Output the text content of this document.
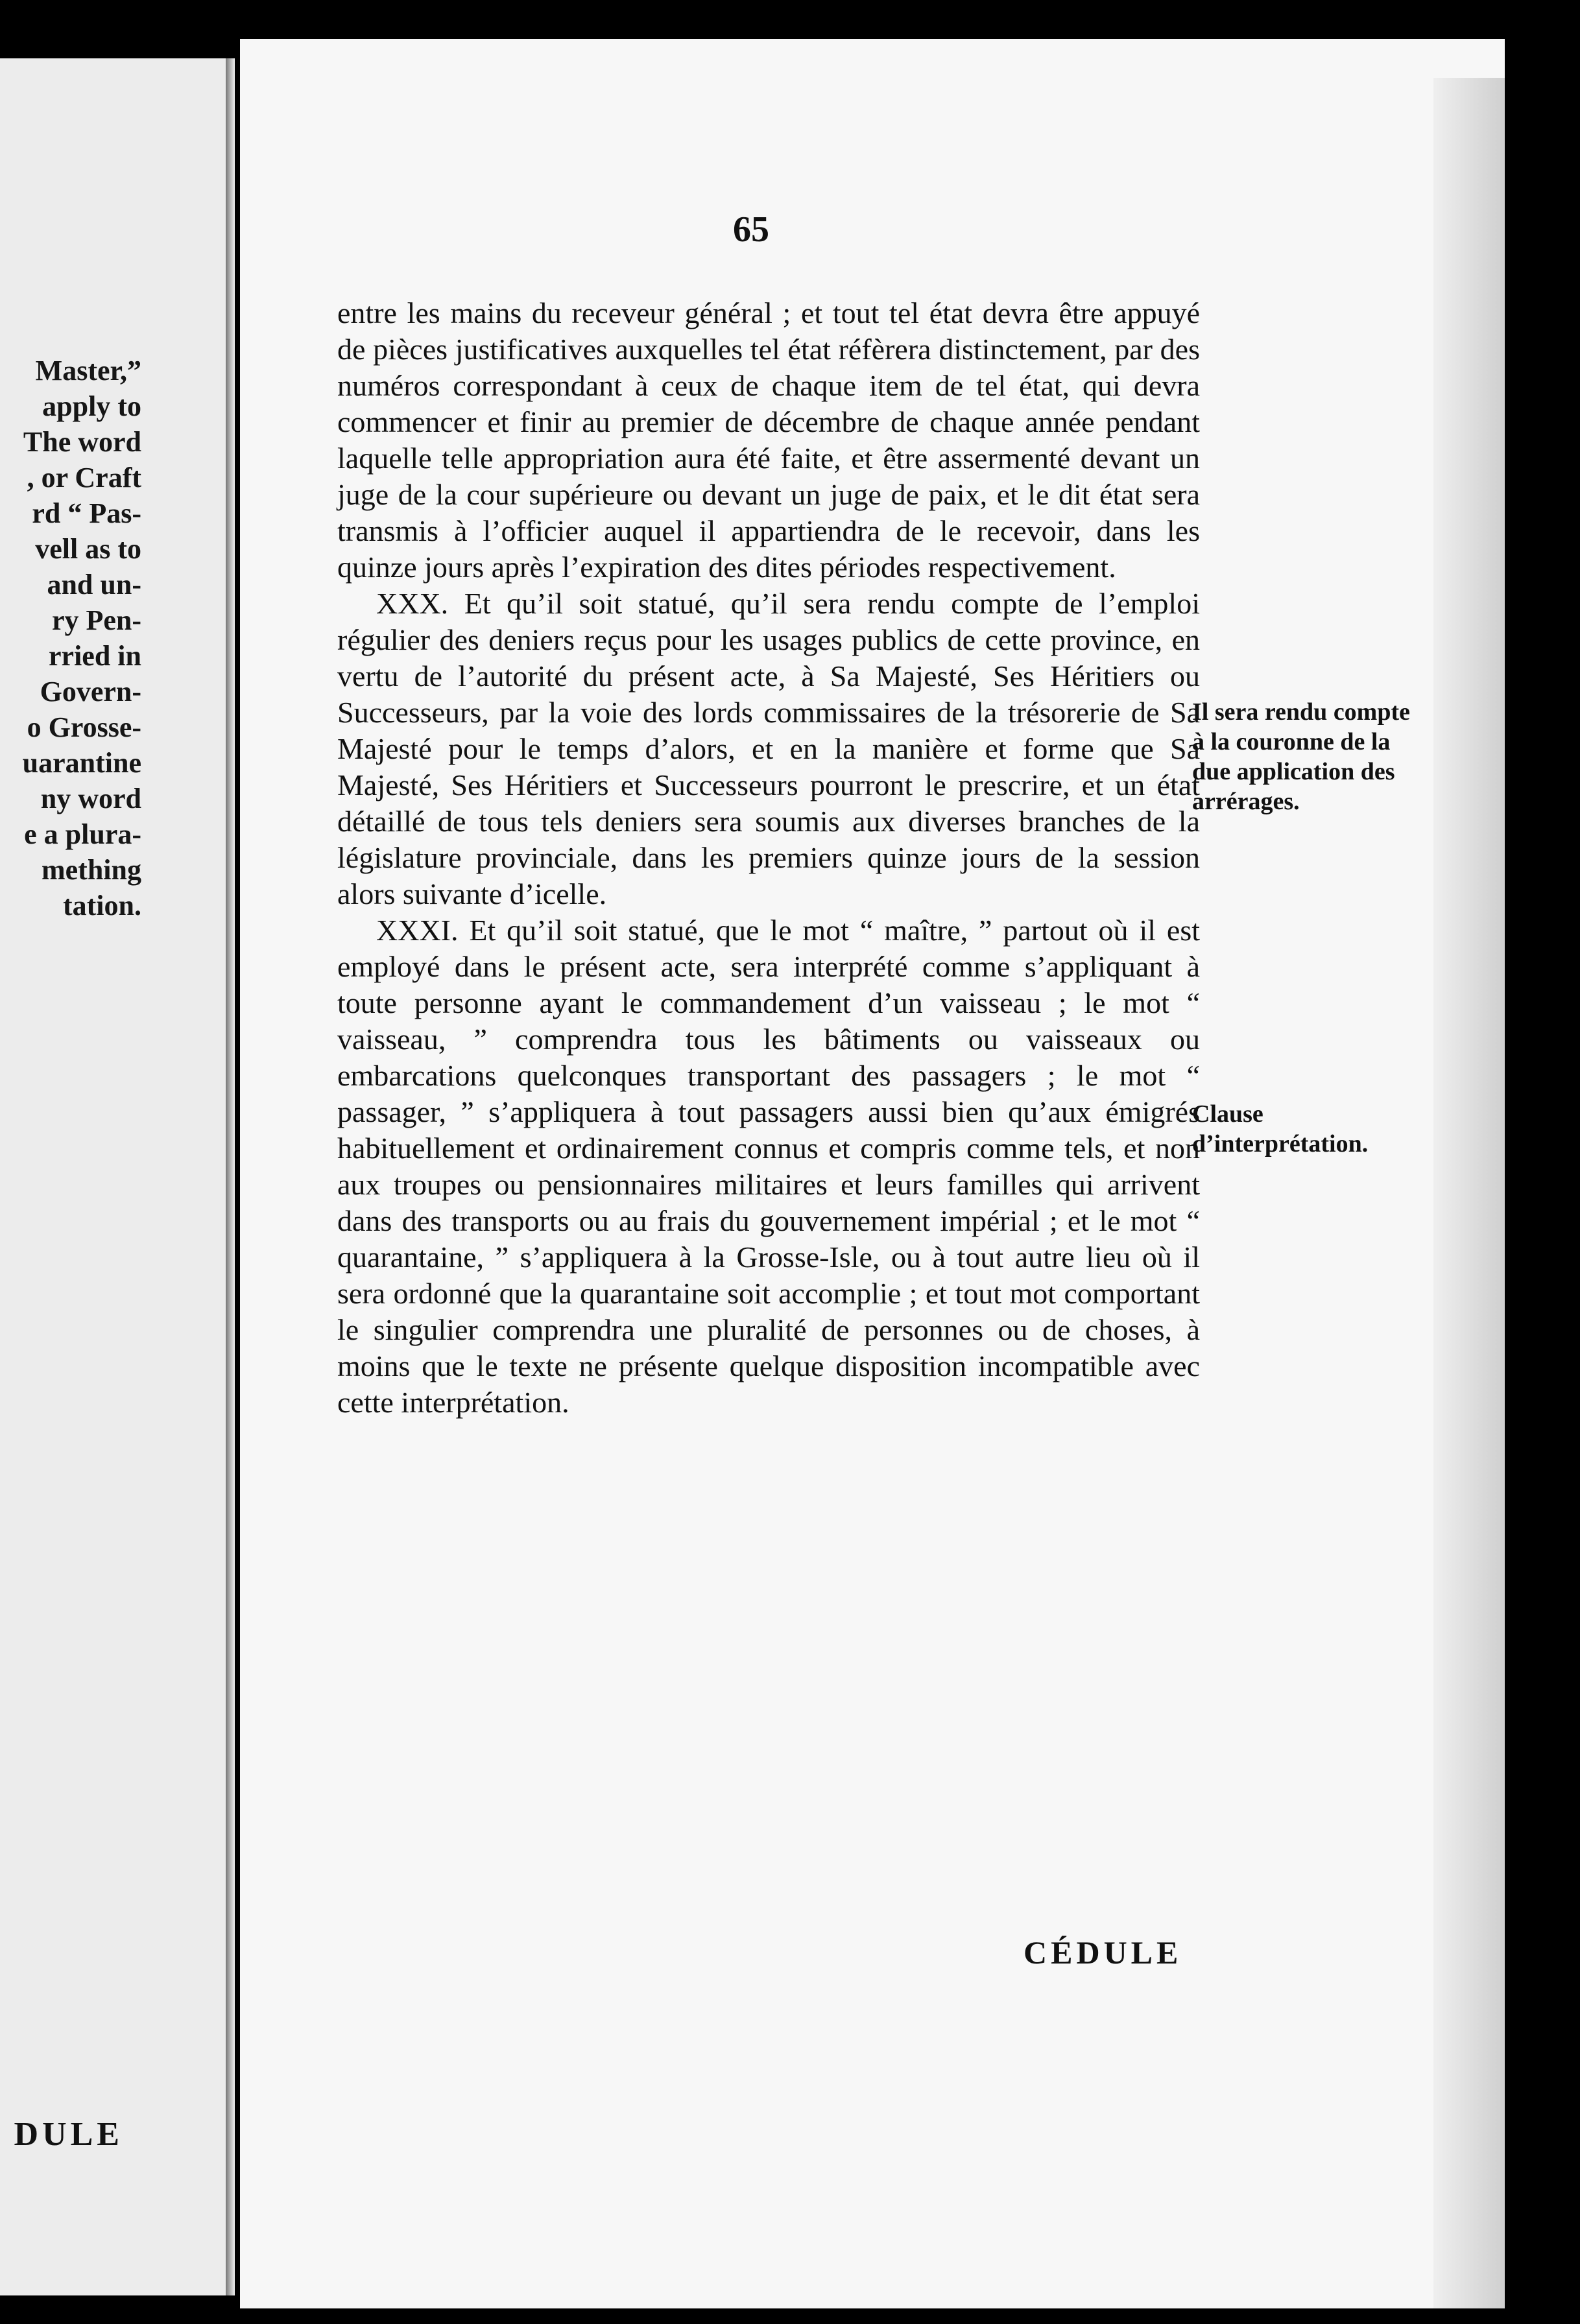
Master,”
apply to
The word
, or Craft
rd “ Pas-
vell as to
and un-
ry Pen-
rried in
Govern-
o Grosse-
uarantine
ny word
e a plura-
mething
tation.
DULE
65

entre les mains du receveur général ; et tout tel état devra être appuyé de pièces justificatives auxquelles tel état réfèrera distinctement, par des numéros correspondant à ceux de chaque item de tel état, qui devra commencer et finir au premier de décembre de chaque année pendant laquelle telle appropriation aura été faite, et être assermenté devant un juge de la cour supérieure ou devant un juge de paix, et le dit état sera transmis à l’officier auquel il appartiendra de le recevoir, dans les quinze jours après l’expiration des dites périodes respectivement.

XXX. Et qu’il soit statué, qu’il sera rendu compte de l’emploi régulier des deniers reçus pour les usages publics de cette province, en vertu de l’autorité du présent acte, à Sa Majesté, Ses Héritiers ou Successeurs, par la voie des lords commissaires de la trésorerie de Sa Majesté pour le temps d’alors, et en la manière et forme que Sa Majesté, Ses Héritiers et Successeurs pourront le prescrire, et un état détaillé de tous tels deniers sera soumis aux diverses branches de la législature provinciale, dans les premiers quinze jours de la session alors suivante d’icelle.

XXXI. Et qu’il soit statué, que le mot “ maître, ” partout où il est employé dans le présent acte, sera interprété comme s’appliquant à toute personne ayant le commandement d’un vaisseau ; le mot “ vaisseau, ” comprendra tous les bâtiments ou vaisseaux ou embarcations quelconques transportant des passagers ; le mot “ passager, ” s’appliquera à tout passagers aussi bien qu’aux émigrés habituellement et ordinairement connus et compris comme tels, et non aux troupes ou pensionnaires militaires et leurs familles qui arrivent dans des transports ou au frais du gouvernement impérial ; et le mot “ quarantaine, ” s’appliquera à la Grosse-Isle, ou à tout autre lieu où il sera ordonné que la quarantaine soit accomplie ; et tout mot comportant le singulier comprendra une pluralité de personnes ou de choses, à moins que le texte ne présente quelque disposition incompatible avec cette interprétation.

Il sera rendu compte à la couronne de la due application des arrérages.
Clause d’interprétation.
CÉDULE
